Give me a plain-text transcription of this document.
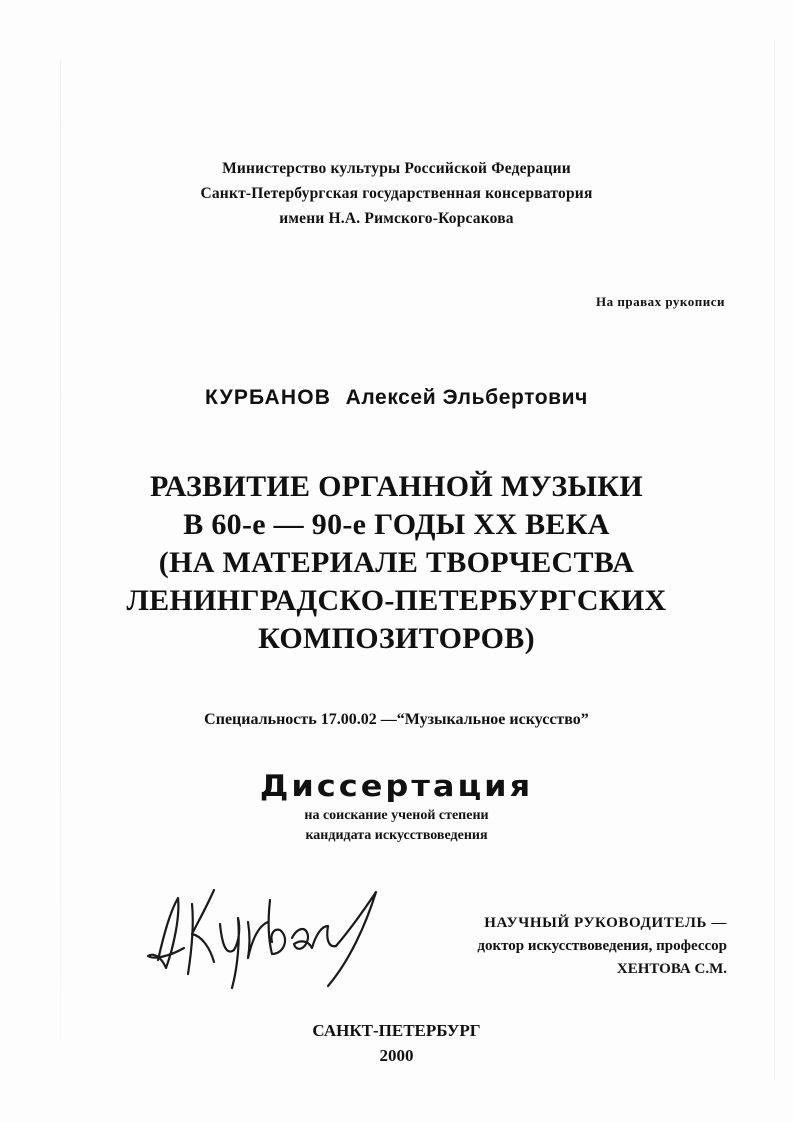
Министерство культуры Российской Федерации
Санкт-Петербургская государственная консерватория
имени Н.А. Римского-Корсакова
На правах рукописи
КУРБАНОВ Алексей Эльбертович
РАЗВИТИЕ ОРГАННОЙ МУЗЫКИ
В 60-е — 90-е ГОДЫ XX ВЕКА
(НА МАТЕРИАЛЕ ТВОРЧЕСТВА
ЛЕНИНГРАДСКО-ПЕТЕРБУРГСКИХ
КОМПОЗИТОРОВ)
Специальность 17.00.02 —“Музыкальное искусство”
Диссертация
на соискание ученой степени
кандидата искусствоведения
НАУЧНЫЙ РУКОВОДИТЕЛЬ —
доктор искусствоведения, профессор
ХЕНТОВА С.М.
САНКТ-ПЕТЕРБУРГ
2000
